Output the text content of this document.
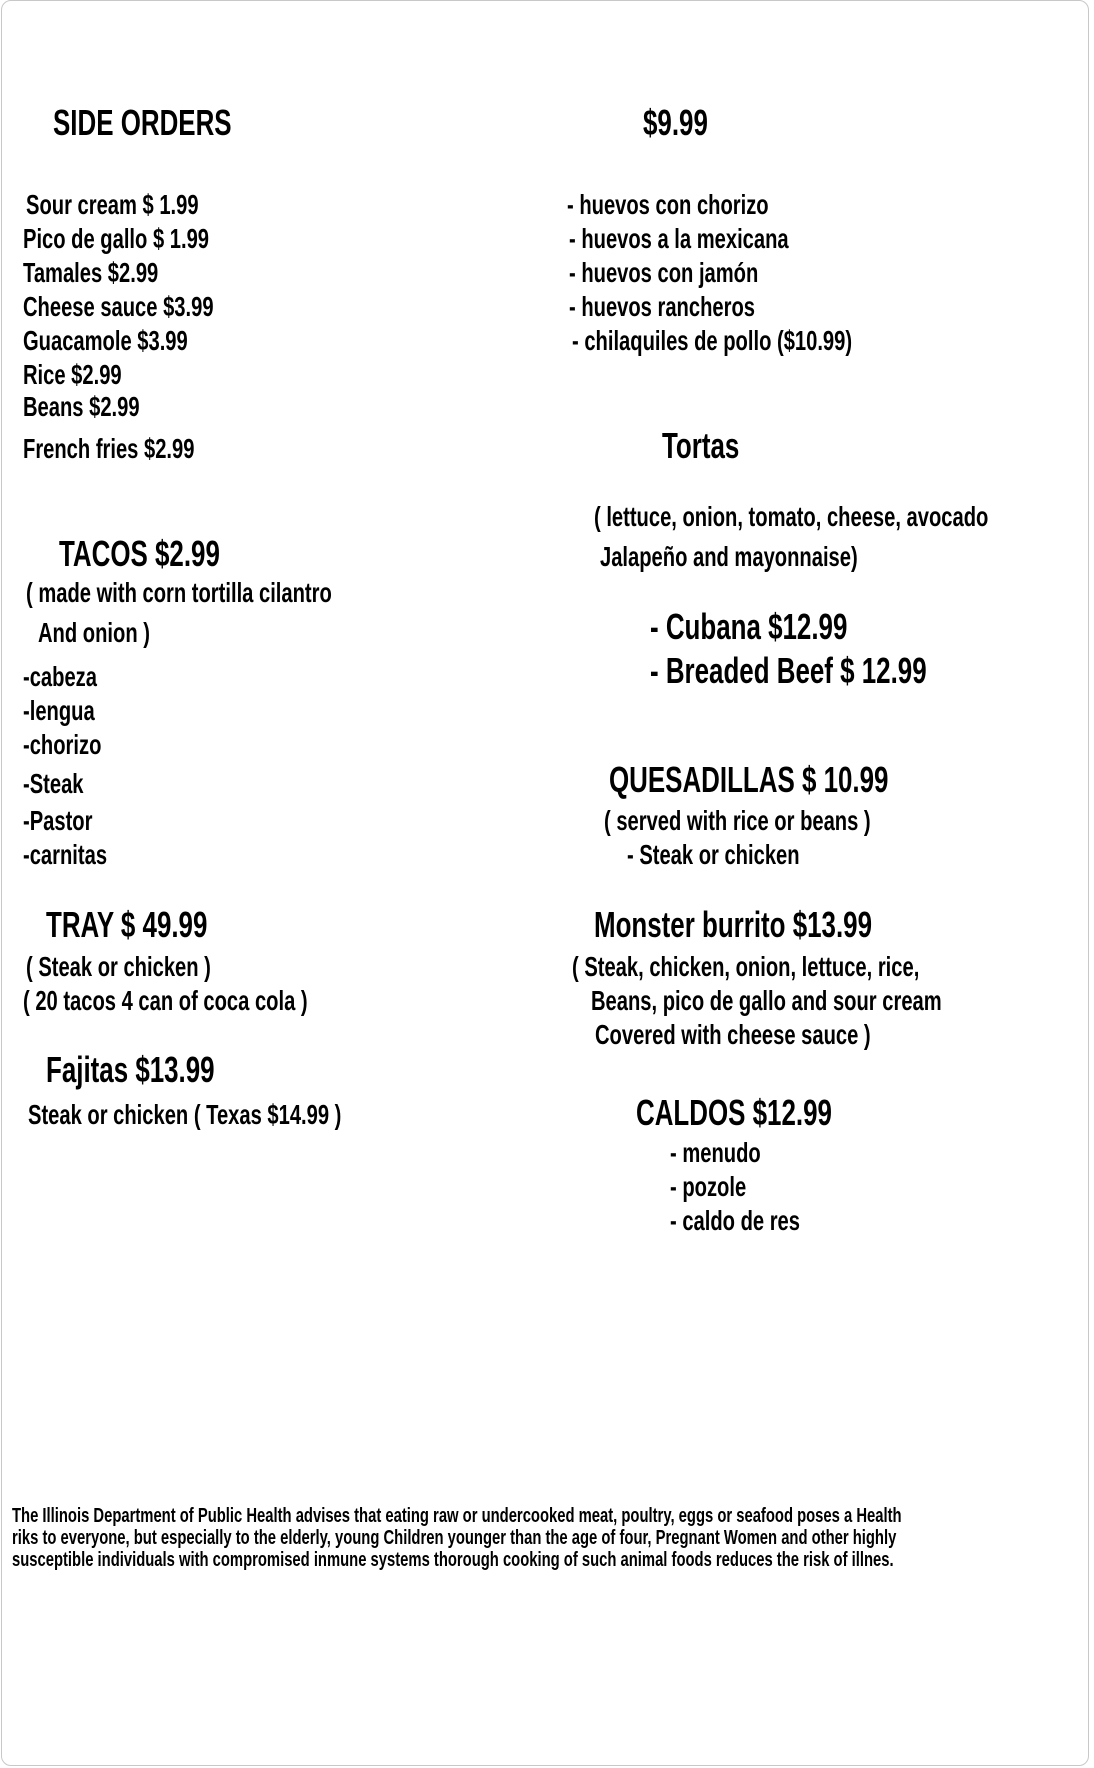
SIDE ORDERS
Sour cream $ 1.99
Pico de gallo $ 1.99
Tamales $2.99
Cheese sauce $3.99
Guacamole $3.99
Rice $2.99
Beans $2.99
French fries $2.99
TACOS $2.99
( made with corn tortilla cilantro
And onion )
-cabeza
-lengua
-chorizo
-Steak
-Pastor
-carnitas
TRAY $ 49.99
( Steak or chicken )
( 20 tacos 4 can of coca cola )
Fajitas $13.99
Steak or chicken ( Texas $14.99 )
$9.99
- huevos con chorizo
- huevos a la mexicana
- huevos con jamón
- huevos rancheros
- chilaquiles de pollo ($10.99)
Tortas
( lettuce, onion, tomato, cheese, avocado
Jalapeño and mayonnaise)
- Cubana $12.99
- Breaded Beef $ 12.99
QUESADILLAS $ 10.99
( served with rice or beans )
- Steak or chicken
Monster burrito $13.99
( Steak, chicken, onion, lettuce, rice,
Beans, pico de gallo and sour cream
Covered with cheese sauce )
CALDOS $12.99
- menudo
- pozole
- caldo de res
The Illinois Department of Public Health advises that eating raw or undercooked meat, poultry, eggs or seafood poses a Health
riks to everyone, but especially to the elderly, young Children younger than the age of four, Pregnant Women and other highly
susceptible individuals with compromised inmune systems thorough cooking of such animal foods reduces the risk of illnes.
